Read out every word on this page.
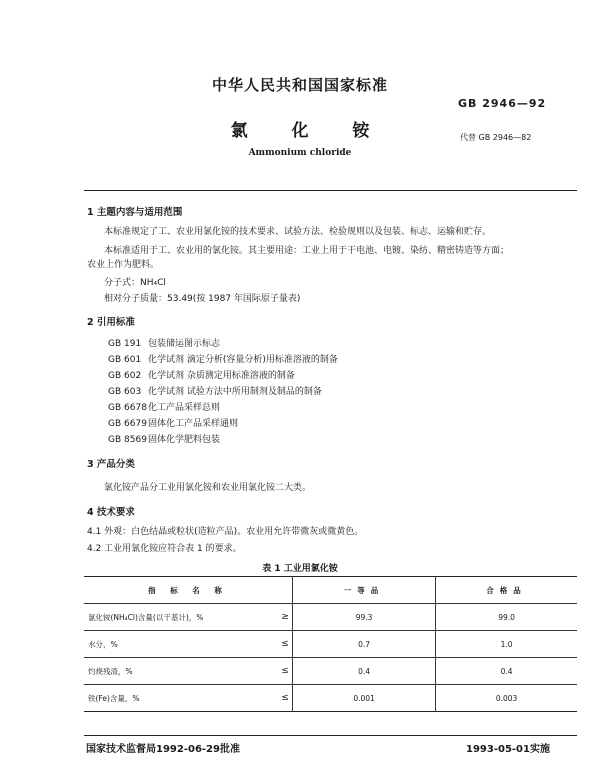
中华人民共和国国家标准
GB 2946—92
氯 化 铵	代替 GB 2946—82
Ammonium chloride
1 主题内容与适用范围
本标准规定了工、农业用氯化铵的技术要求、试验方法、检验规则以及包装、标志、运输和贮存。
本标准适用于工、农业用的氯化铵。其主要用途：工业上用于干电池、电镀、染纺、精密铸造等方面；
农业上作为肥料。
分子式：NH₄Cl
相对分子质量：53.49(按 1987 年国际原子量表)
2 引用标准
GB 191 包装储运图示标志
GB 601 化学试剂 滴定分析(容量分析)用标准溶液的制备
GB 602 化学试剂 杂质测定用标准溶液的制备
GB 603 化学试剂 试验方法中所用制剂及制品的制备
GB 6678化工产品采样总则
GB 6679固体化工产品采样通则
GB 8569固体化学肥料包装
3 产品分类
氯化铵产品分工业用氯化铵和农业用氯化铵二大类。
4 技术要求
4.1 外观：白色结晶或粒状(造粒产品)。农业用允许带微灰或微黄色。
4.2 工业用氯化铵应符合表 1 的要求。
表 1 工业用氯化铵
指 标 名 称		一等品	合格品
氯化铵(NH₄Cl)含量(以干基计)，%	≥	99.3	99.0
水分，%	≤	0.7	1.0
灼烧残渣，%	≤	0.4	0.4
铁(Fe)含量，%	≤	0.001	0.003
国家技术监督局1992-06-29批准	1993-05-01实施
